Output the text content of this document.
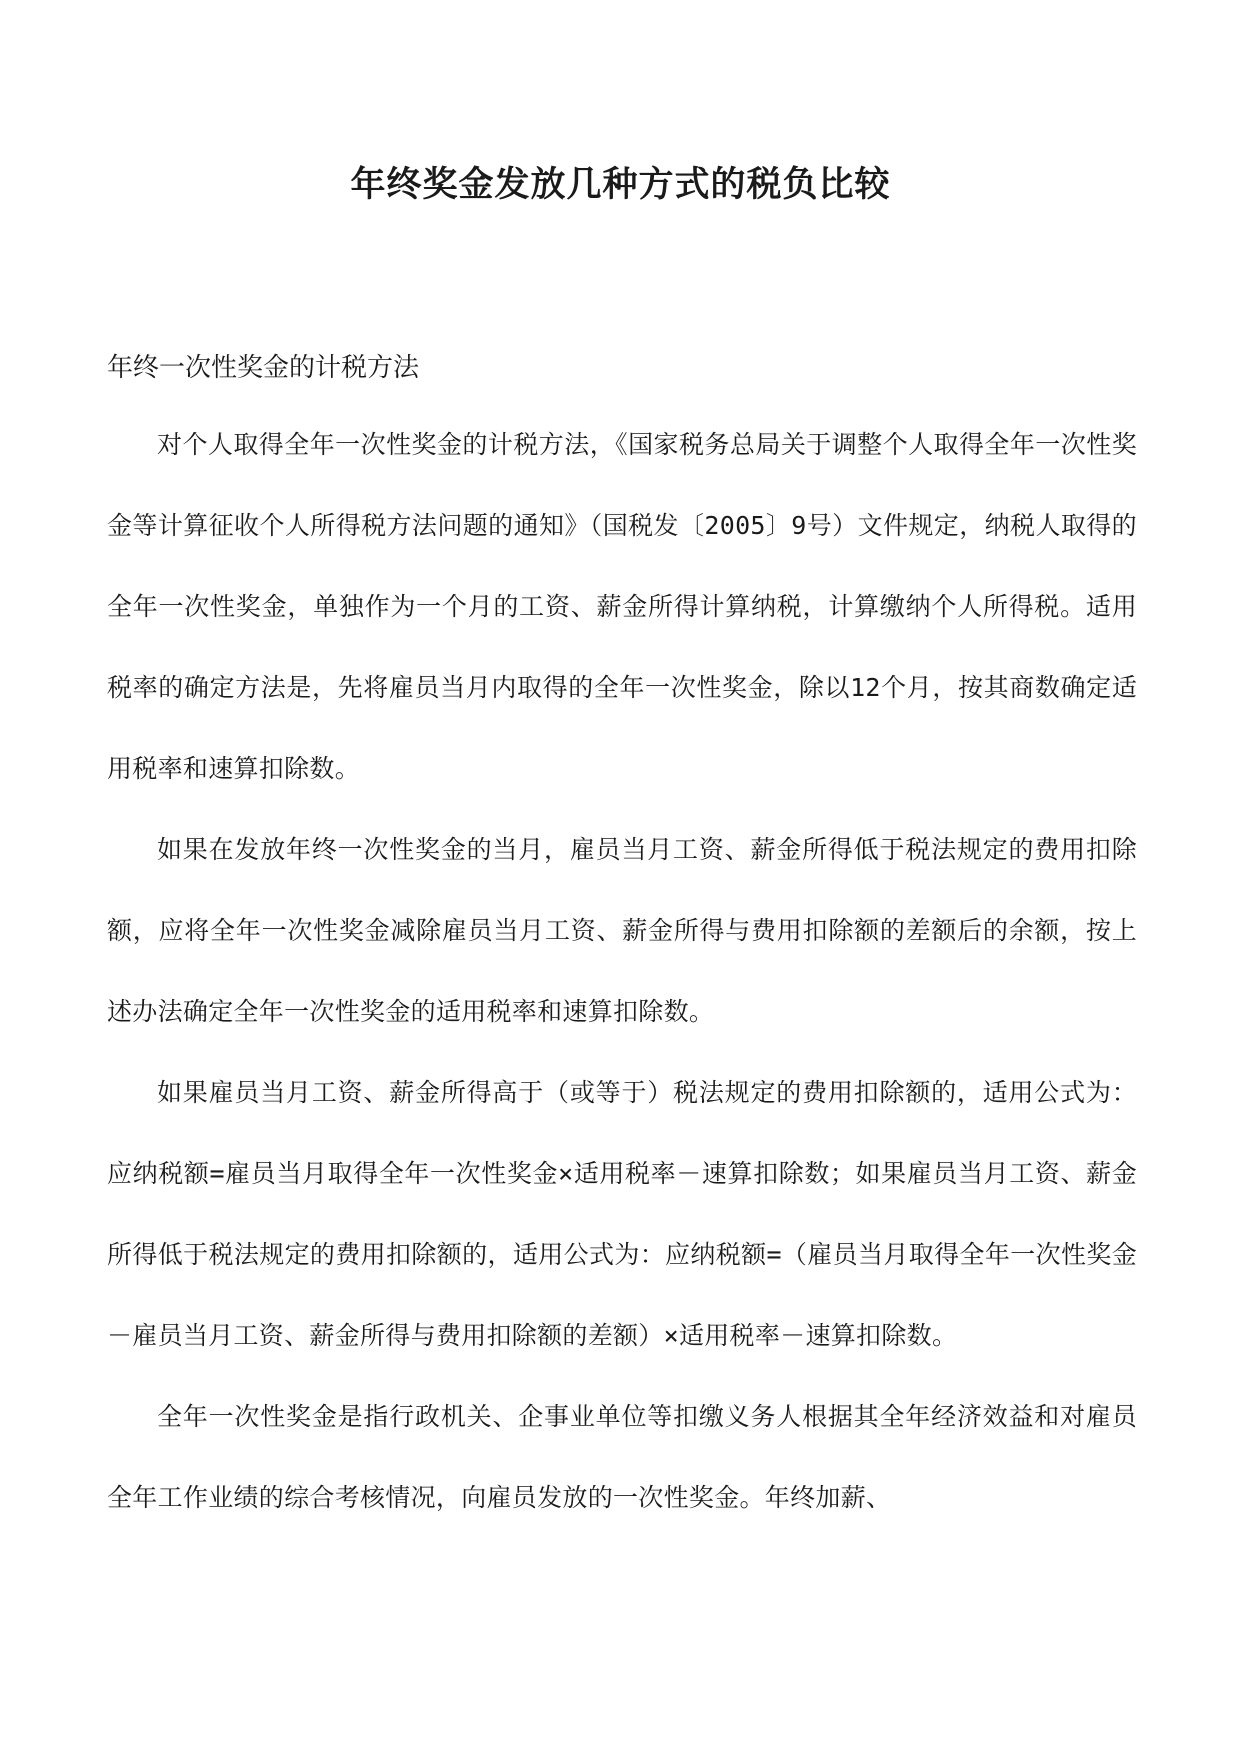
年终奖金发放几种方式的税负比较

年终一次性奖金的计税方法

对个人取得全年一次性奖金的计税方法，《国家税务总局关于调整个人取得全年一次性奖金等计算征收个人所得税方法问题的通知》（国税发〔2005〕9号）文件规定，纳税人取得的全年一次性奖金，单独作为一个月的工资、薪金所得计算纳税，计算缴纳个人所得税。适用税率的确定方法是，先将雇员当月内取得的全年一次性奖金，除以12个月，按其商数确定适用税率和速算扣除数。

如果在发放年终一次性奖金的当月，雇员当月工资、薪金所得低于税法规定的费用扣除额，应将全年一次性奖金减除雇员当月工资、薪金所得与费用扣除额的差额后的余额，按上述办法确定全年一次性奖金的适用税率和速算扣除数。

如果雇员当月工资、薪金所得高于（或等于）税法规定的费用扣除额的，适用公式为：应纳税额=雇员当月取得全年一次性奖金×适用税率－速算扣除数；如果雇员当月工资、薪金所得低于税法规定的费用扣除额的，适用公式为：应纳税额=（雇员当月取得全年一次性奖金－雇员当月工资、薪金所得与费用扣除额的差额）×适用税率－速算扣除数。

全年一次性奖金是指行政机关、企事业单位等扣缴义务人根据其全年经济效益和对雇员全年工作业绩的综合考核情况，向雇员发放的一次性奖金。年终加薪、
